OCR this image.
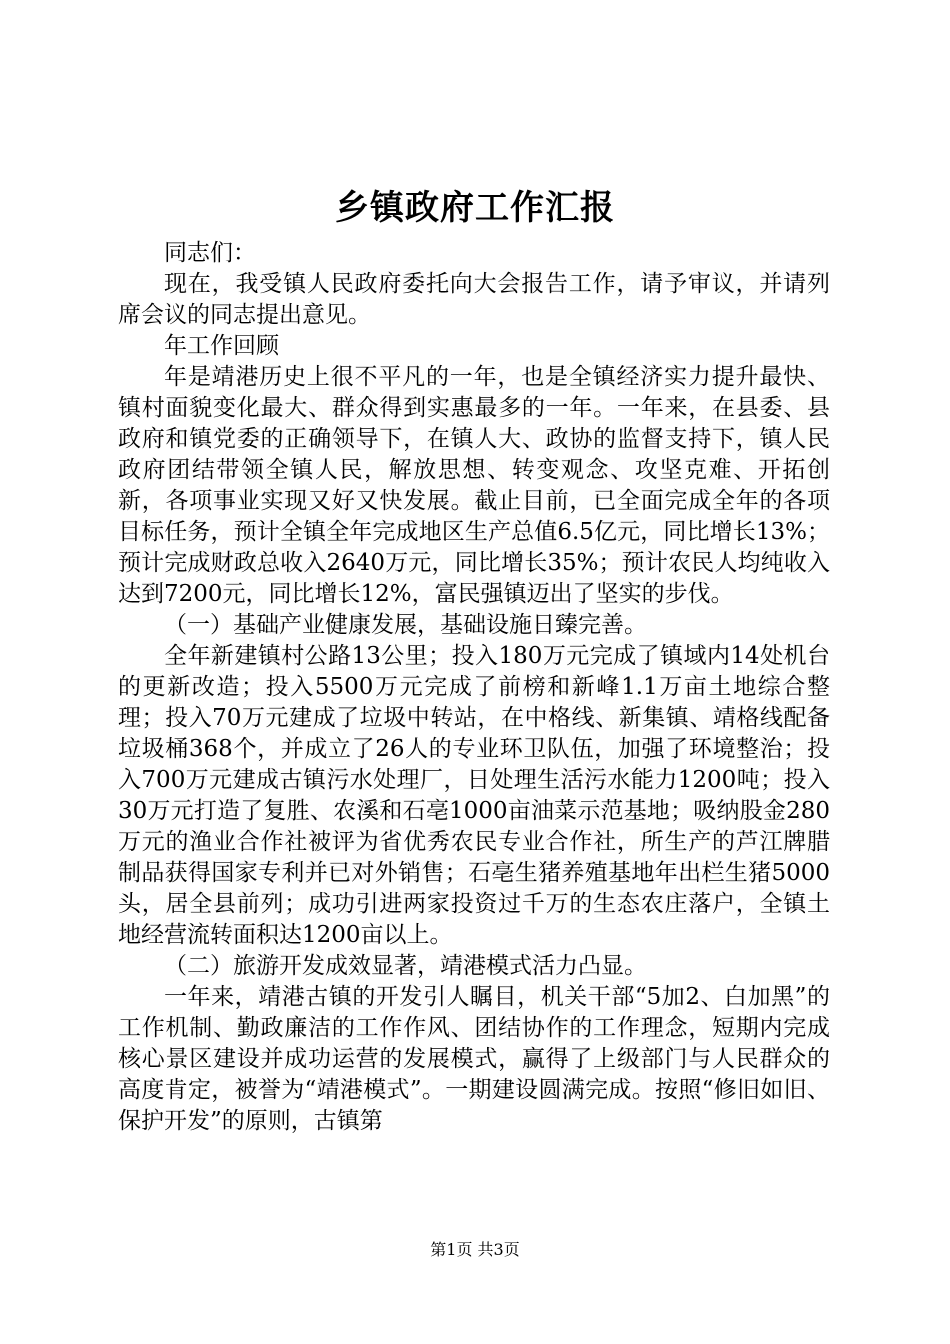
乡镇政府工作汇报

同志们：

现在，我受镇人民政府委托向大会报告工作，请予审议，并请列席会议的同志提出意见。

年工作回顾

年是靖港历史上很不平凡的一年，也是全镇经济实力提升最快、镇村面貌变化最大、群众得到实惠最多的一年。一年来，在县委、县政府和镇党委的正确领导下，在镇人大、政协的监督支持下，镇人民政府团结带领全镇人民，解放思想、转变观念、攻坚克难、开拓创新，各项事业实现又好又快发展。截止目前，已全面完成全年的各项目标任务，预计全镇全年完成地区生产总值6.5亿元，同比增长13%；预计完成财政总收入2640万元，同比增长35%；预计农民人均纯收入达到7200元，同比增长12%，富民强镇迈出了坚实的步伐。

（一）基础产业健康发展，基础设施日臻完善。

全年新建镇村公路13公里；投入180万元完成了镇域内14处机台的更新改造；投入5500万元完成了前榜和新峰1.1万亩土地综合整理；投入70万元建成了垃圾中转站，在中格线、新集镇、靖格线配备垃圾桶368个，并成立了26人的专业环卫队伍，加强了环境整治；投入700万元建成古镇污水处理厂，日处理生活污水能力1200吨；投入30万元打造了复胜、农溪和石亳1000亩油菜示范基地；吸纳股金280万元的渔业合作社被评为省优秀农民专业合作社，所生产的芦江牌腊制品获得国家专利并已对外销售；石亳生猪养殖基地年出栏生猪5000头，居全县前列；成功引进两家投资过千万的生态农庄落户，全镇土地经营流转面积达1200亩以上。

（二）旅游开发成效显著，靖港模式活力凸显。

一年来，靖港古镇的开发引人瞩目，机关干部“5加2、白加黑”的工作机制、勤政廉洁的工作作风、团结协作的工作理念，短期内完成核心景区建设并成功运营的发展模式，赢得了上级部门与人民群众的高度肯定，被誉为“靖港模式”。一期建设圆满完成。按照“修旧如旧、保护开发”的原则，古镇第

第1页 共3页
